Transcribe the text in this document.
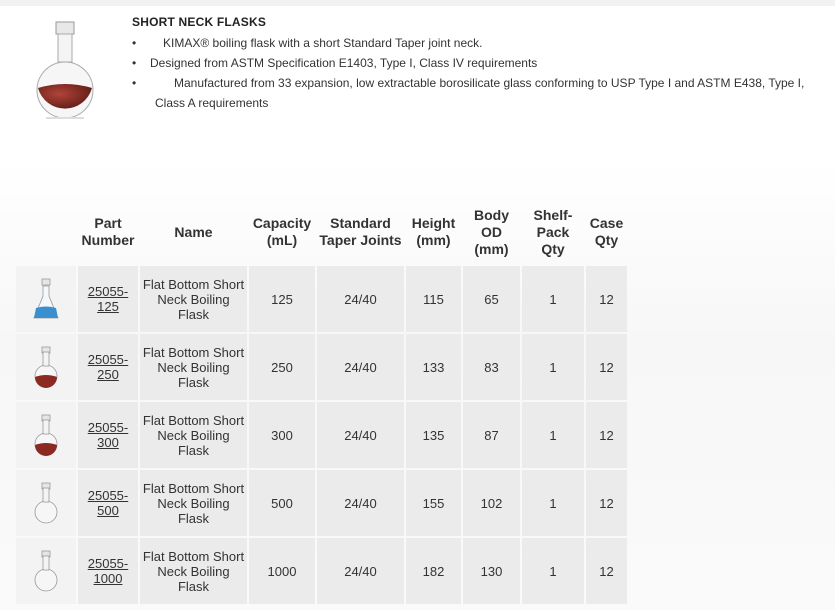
SHORT NECK FLASKS
• KIMAX® boiling flask with a short Standard Taper joint neck.
• Designed from ASTM Specification E1403, Type I, Class IV requirements
•	Manufactured from 33 expansion, low extractable borosilicate glass conforming to USP Type I and ASTM E438, Type I, Class A requirements
	Part Number	Name	Capacity (mL)	Standard Taper Joints	Height (mm)	Body OD (mm)	Shelf-Pack Qty	Case Qty

	25055-125	Flat Bottom Short Neck Boiling Flask	125	24/40	115	65	1	12

	25055-250	Flat Bottom Short Neck Boiling Flask	250	24/40	133	83	1	12

	25055-300	Flat Bottom Short Neck Boiling Flask	300	24/40	135	87	1	12

	25055-500	Flat Bottom Short Neck Boiling Flask	500	24/40	155	102	1	12

	25055-1000	Flat Bottom Short Neck Boiling Flask	1000	24/40	182	130	1	12
